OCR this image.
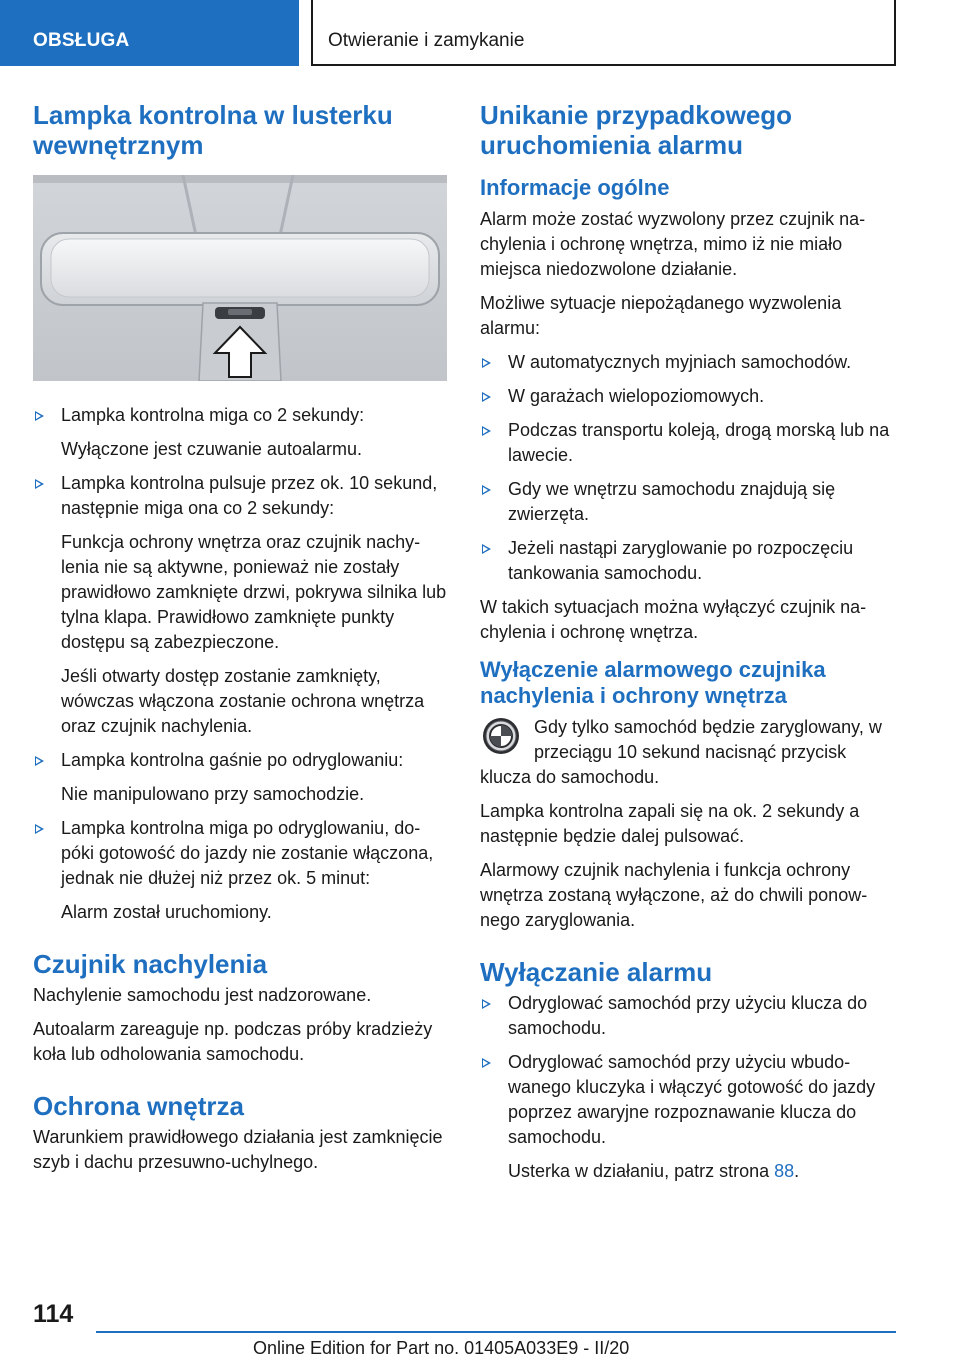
OBSŁUGA	Otwieranie i zamykanie
Lampka kontrolna w lusterku wewnętrznym
Lampka kontrolna miga co 2 sekundy:
Wyłączone jest czuwanie autoalarmu.
Lampka kontrolna pulsuje przez ok. 10 sekund, następnie miga ona co 2 sekundy:
Funkcja ochrony wnętrza oraz czujnik nachylenia nie są aktywne, ponieważ nie zostały prawidłowo zamknięte drzwi, pokrywa silnika lub tylna klapa. Prawidłowo zamknięte punkty dostępu są zabezpieczone.
Jeśli otwarty dostęp zostanie zamknięty, wówczas włączona zostanie ochrona wnętrza oraz czujnik nachylenia.
Lampka kontrolna gaśnie po odryglowaniu:
Nie manipulowano przy samochodzie.
Lampka kontrolna miga po odryglowaniu, dopóki gotowość do jazdy nie zostanie włączona, jednak nie dłużej niż przez ok. 5 minut:
Alarm został uruchomiony.
Czujnik nachylenia

Nachylenie samochodu jest nadzorowane.

Autoalarm zareaguje np. podczas próby kradzieży koła lub odholowania samochodu.

Ochrona wnętrza

Warunkiem prawidłowego działania jest zamknięcie szyb i dachu przesuwno-uchylnego.

Unikanie przypadkowego uruchomienia alarmu
Informacje ogólne

Alarm może zostać wyzwolony przez czujnik nachylenia i ochronę wnętrza, mimo iż nie miało miejsca niedozwolone działanie.

Możliwe sytuacje niepożądanego wyzwolenia alarmu:

W automatycznych myjniach samochodów.
W garażach wielopoziomowych.
Podczas transportu koleją, drogą morską lub na lawecie.
Gdy we wnętrzu samochodu znajdują się zwierzęta.
Jeżeli nastąpi zaryglowanie po rozpoczęciu tankowania samochodu.

W takich sytuacjach można wyłączyć czujnik nachylenia i ochronę wnętrza.

Wyłączenie alarmowego czujnika nachylenia i ochrony wnętrza

Gdy tylko samochód będzie zaryglowany, w przeciągu 10 sekund nacisnąć przycisk klucza do samochodu.

Lampka kontrolna zapali się na ok. 2 sekundy a następnie będzie dalej pulsować.

Alarmowy czujnik nachylenia i funkcja ochrony wnętrza zostaną wyłączone, aż do chwili ponownego zaryglowania.

Wyłączanie alarmu
Odryglować samochód przy użyciu klucza do samochodu.
Odryglować samochód przy użyciu wbudowanego kluczyka i włączyć gotowość do jazdy poprzez awaryjne rozpoznawanie klucza do samochodu.
Usterka w działaniu, patrz strona 88.
114
Online Edition for Part no. 01405A033E9 - II/20
